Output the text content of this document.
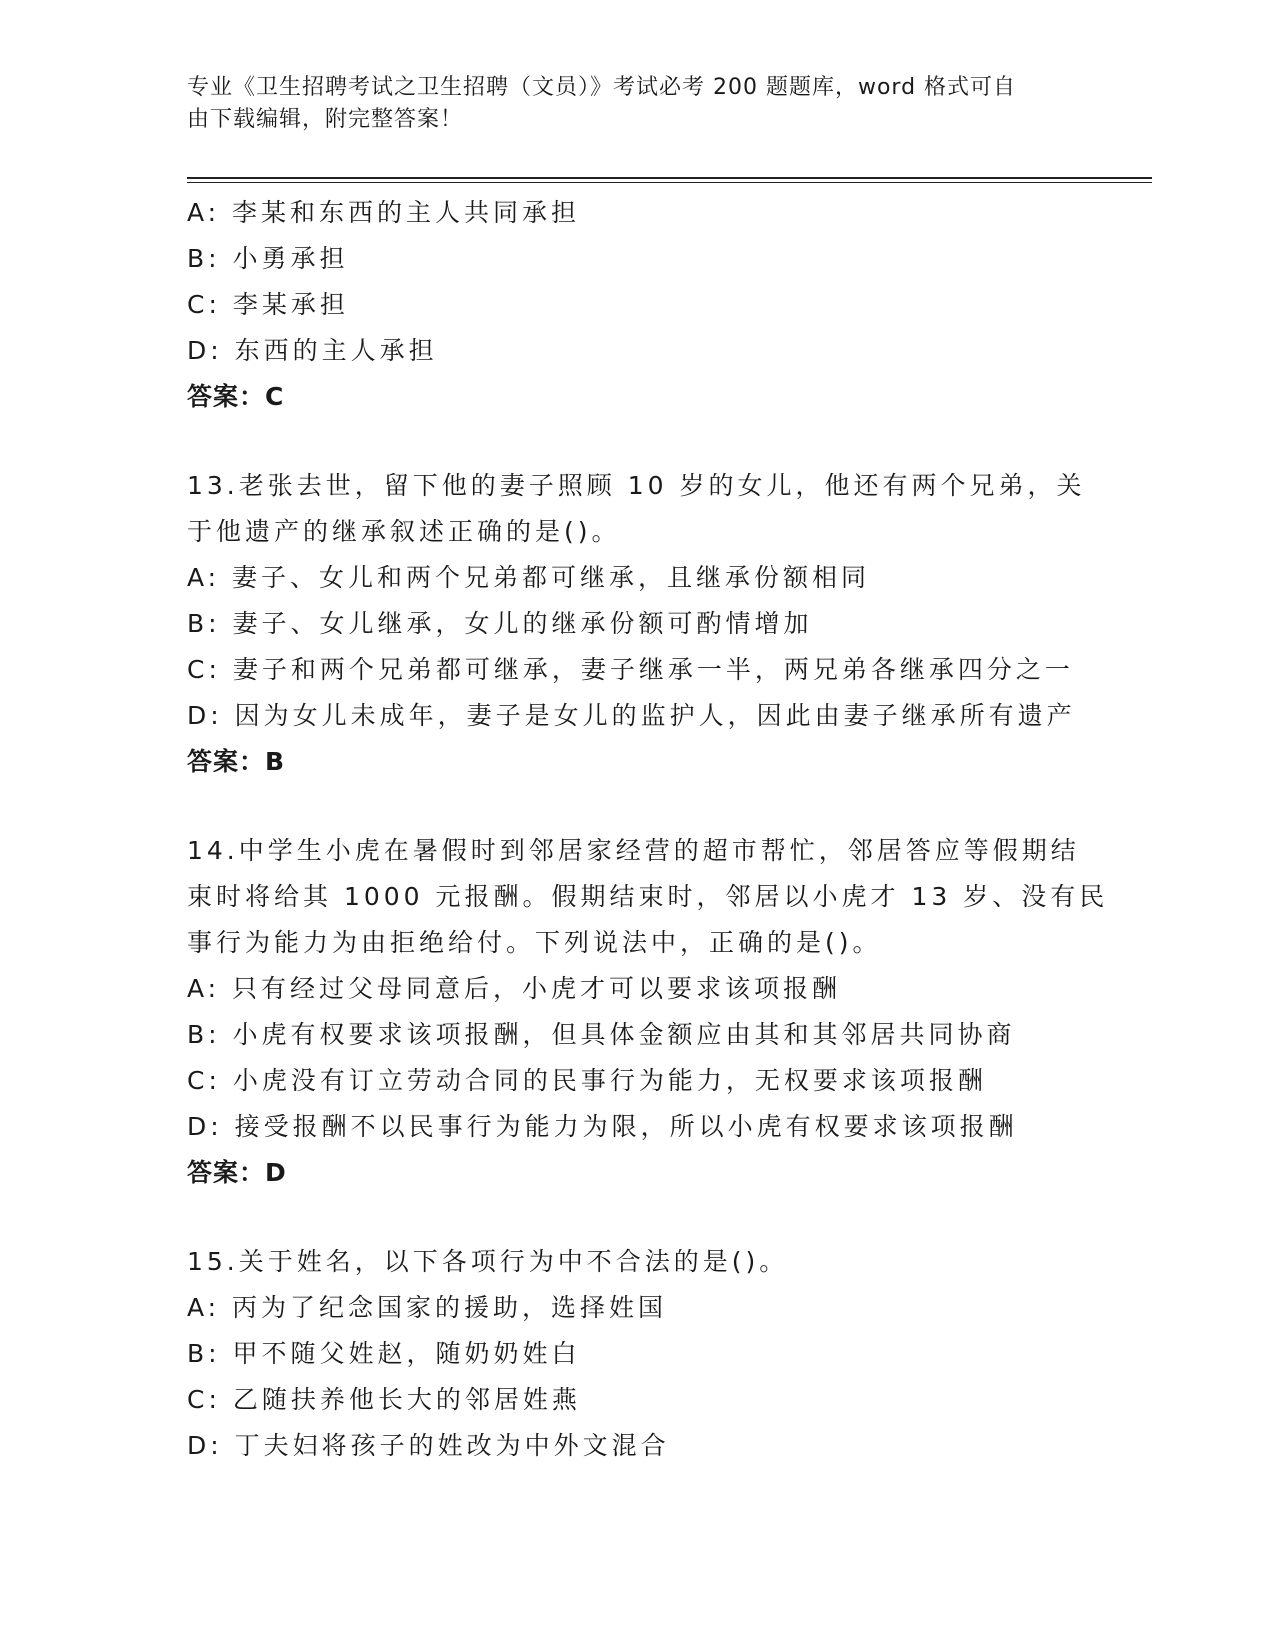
专业《卫生招聘考试之卫生招聘（文员）》考试必考 200 题题库，word 格式可自
由下载编辑，附完整答案！
A: 李某和东西的主人共同承担
B: 小勇承担
C: 李某承担
D: 东西的主人承担
答案：C
13.老张去世，留下他的妻子照顾 10 岁的女儿，他还有两个兄弟，关
于他遗产的继承叙述正确的是()。
A: 妻子、女儿和两个兄弟都可继承，且继承份额相同
B: 妻子、女儿继承，女儿的继承份额可酌情增加
C: 妻子和两个兄弟都可继承，妻子继承一半，两兄弟各继承四分之一
D: 因为女儿未成年，妻子是女儿的监护人，因此由妻子继承所有遗产
答案：B
14.中学生小虎在暑假时到邻居家经营的超市帮忙，邻居答应等假期结
束时将给其 1000 元报酬。假期结束时，邻居以小虎才 13 岁、没有民
事行为能力为由拒绝给付。下列说法中，正确的是()。
A: 只有经过父母同意后，小虎才可以要求该项报酬
B: 小虎有权要求该项报酬，但具体金额应由其和其邻居共同协商
C: 小虎没有订立劳动合同的民事行为能力，无权要求该项报酬
D: 接受报酬不以民事行为能力为限，所以小虎有权要求该项报酬
答案：D
15.关于姓名，以下各项行为中不合法的是()。
A: 丙为了纪念国家的援助，选择姓国
B: 甲不随父姓赵，随奶奶姓白
C: 乙随扶养他长大的邻居姓燕
D: 丁夫妇将孩子的姓改为中外文混合
